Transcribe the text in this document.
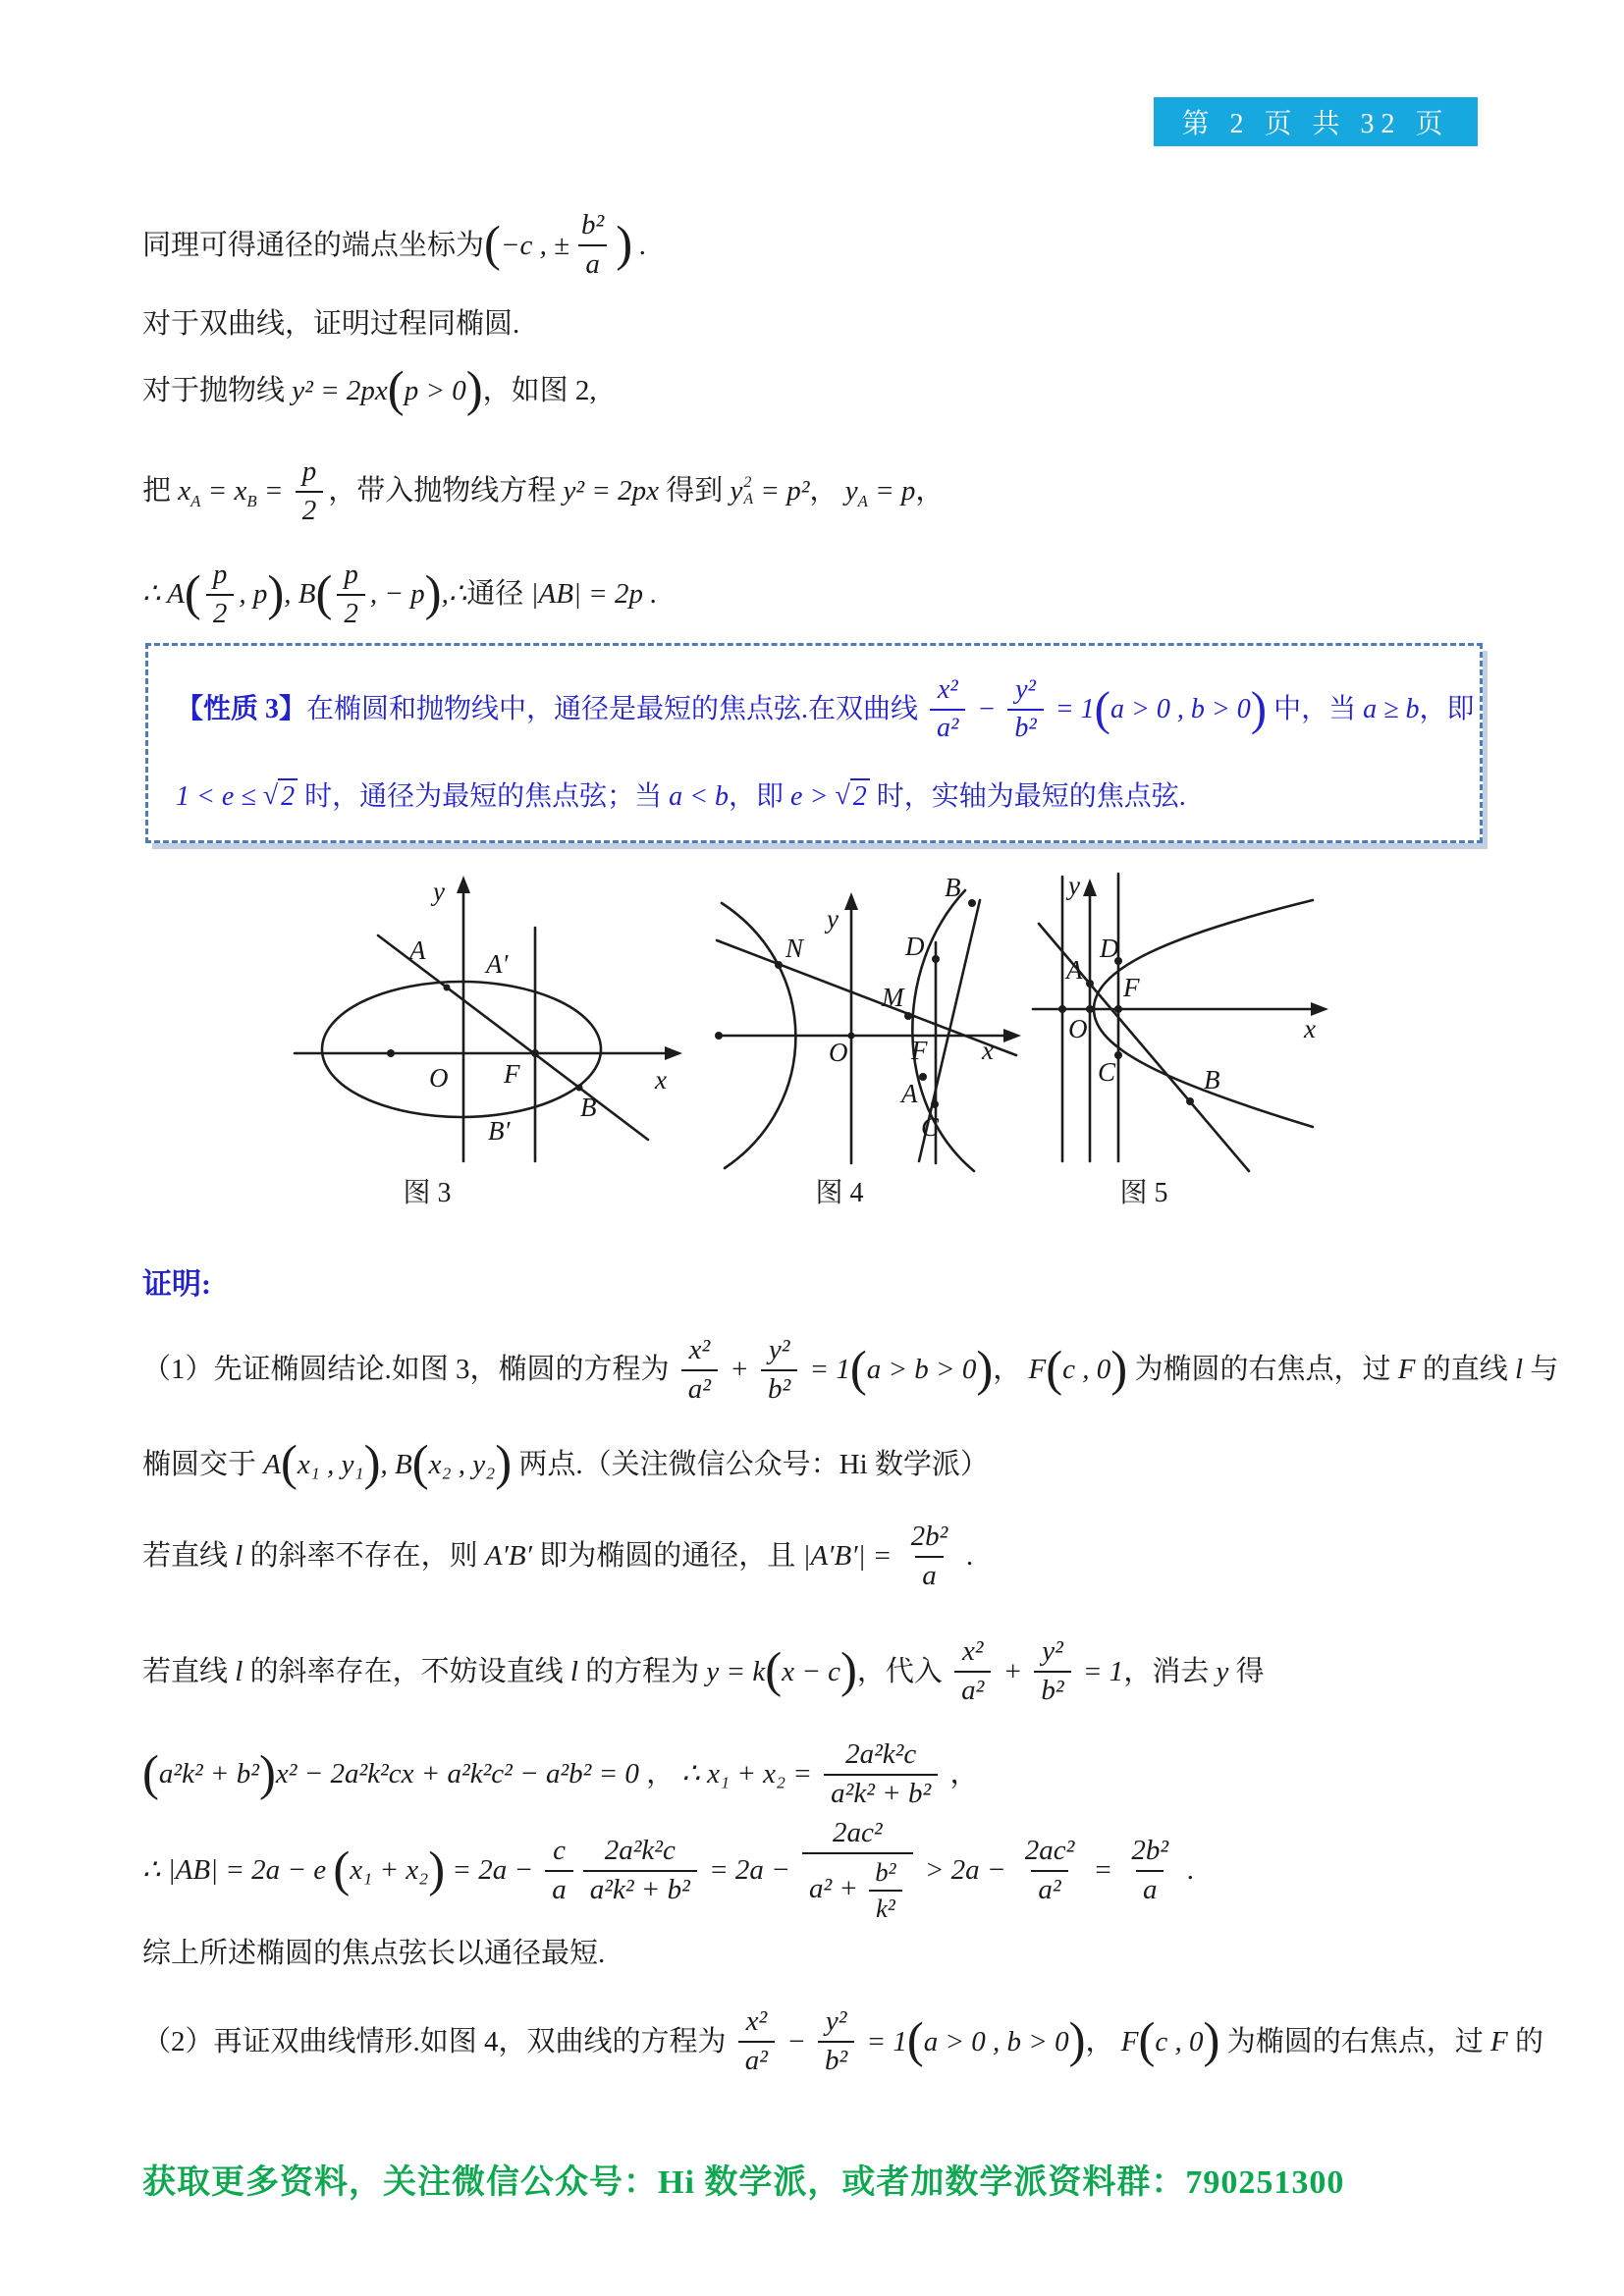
第 2 页 共 32 页
同理可得通径的端点坐标为 ( −c , ± $\frac{\text{b²}}{a}$ ) .
对于双曲线，证明过程同椭圆.
对于抛物线 y² = 2px ( p > 0 ) ，如图 2,
把 $x_A = x_B = \frac{p}{2}$ ，带入抛物线方程 y² = 2px 得到 y 2
A = p² ， $y_A = p$ ，
∴ A ( $\frac{p}{2}$ , p ) , B ( $\frac{p}{2}$ , − p ) ,∴ 通径 |AB| = 2p .
【性质 3】 在椭圆和抛物线中，通径是最短的焦点弦.在双曲线 $\frac{\text{x²}}{\text{a²}} - \frac{\text{y²}}{\text{b²}} = 1$ ( a > 0 , b > 0 ) 中，当 a ≥ b ，即
1 < e ≤ √ 2 时，通径为最短的焦点弦；当 a < b ，即 e > √ 2 时，实轴为最短的焦点弦.
y
A A′
O F	x
B
B′
y
N	D
M
B
O F x
A
C
y
D
A
F
O
C	B
x
图 3	图 4	图 5
证明:
（1）先证椭圆结论.如图 3，椭圆的方程为 $\frac{\text{x²}}{\text{a²}} + \frac{\text{y²}}{\text{b²}} = 1$ ( a > b > 0 ) ， F ( c , 0 ) 为椭圆的右焦点，过 F 的直线 l 与
椭圆交于 A ( x₁ , y₁ ) , B ( x₂ , y₂ ) 两点.（关注微信公众号：Hi 数学派）
若直线 l 的斜率不存在，则 A′B′ 即为椭圆的通径，且 $|A'B'| = \frac{\text{2b²}}{a}$ .
若直线 l 的斜率存在，不妨设直线 l 的方程为 y = k ( x − c ) ，代入 $\frac{\text{x²}}{\text{a²}} + \frac{\text{y²}}{\text{b²}} = 1$ ，消去 y 得
( a²k² + b² ) x² − 2a²k²cx + a²k²c² − a²b² = 0 ， ∴ $x_1 + x_2 = \frac{\text{2a²k²c}}{\text{a²k² + b²}}$ ，
∴ |AB| = 2a − e ( x₁ + x₂ ) = $2a - \frac{c}{a} \frac{\text{2a²k²c}}{\text{a²k² + b²}} = 2a - \frac{\text{2ac²}}{a^2 + \frac{\text{b²}}{\text{k²}}} > 2a - \frac{\text{2ac²}}{\text{a²}} = \frac{\text{2b²}}{a}$ .
综上所述椭圆的焦点弦长以通径最短.
（2）再证双曲线情形.如图 4，双曲线的方程为 $\frac{\text{x²}}{\text{a²}} - \frac{\text{y²}}{\text{b²}} = 1$ ( a > 0 , b > 0 ) ， F ( c , 0 ) 为椭圆的右焦点，过 F 的
获取更多资料，关注微信公众号：Hi 数学派，或者加数学派资料群：790251300
